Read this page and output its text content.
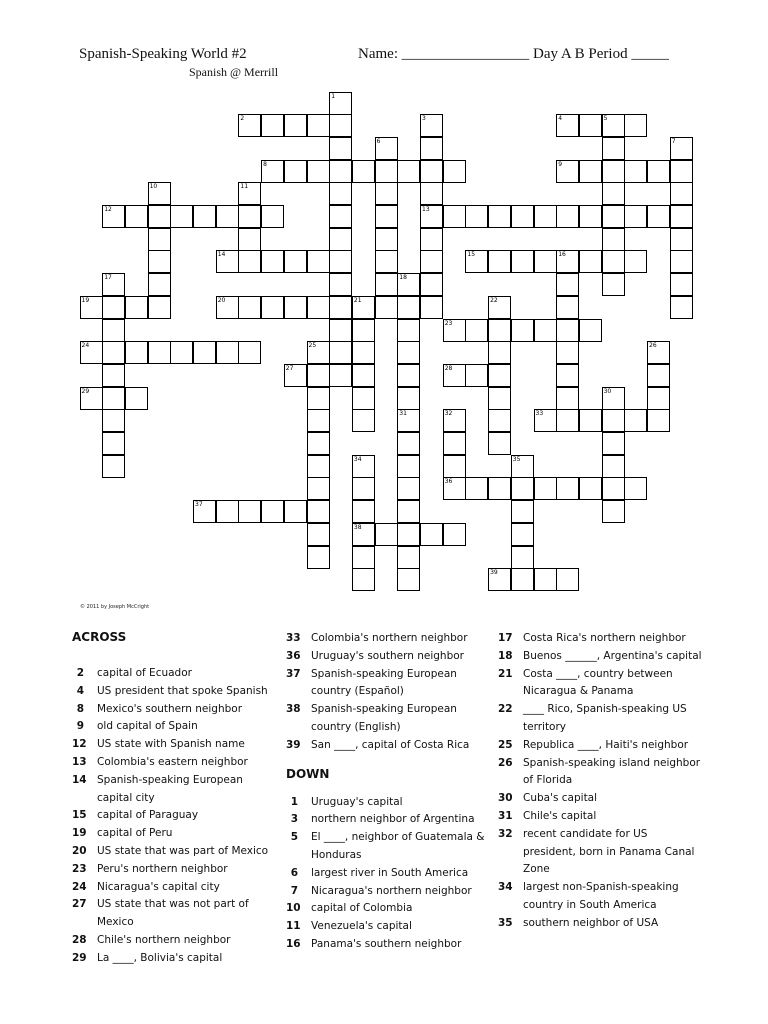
Spanish-Speaking World #2
Spanish @ Merrill
Name: _________________ Day A B Period _____
1
2	3
13
4	5
6	7
8	9
10	11
12
14	15	16
17	18
19	20	21	22
23
24	25	26
27	28
29	30
31	32
36
33
34
38
35
37
39
© 2011 by Joseph McCright
ACROSS
2 capital of Ecuador
4 US president that spoke Spanish
8 Mexico's southern neighbor
9 old capital of Spain
12 US state with Spanish name
13 Colombia's eastern neighbor
14 Spanish-speaking European capital city
15 capital of Paraguay
19 capital of Peru
20 US state that was part of Mexico
23 Peru's northern neighbor
24 Nicaragua's capital city
27 US state that was not part of Mexico
28 Chile's northern neighbor
29 La ____, Bolivia's capital
33 Colombia's northern neighbor
36 Uruguay's southern neighbor
37 Spanish-speaking European country (Español)
38 Spanish-speaking European country (English)
39 San ____, capital of Costa Rica
DOWN
1 Uruguay's capital
3 northern neighbor of Argentina
5 El ____, neighbor of Guatemala & Honduras
6 largest river in South America
7 Nicaragua's northern neighbor
10 capital of Colombia
11 Venezuela's capital
16 Panama's southern neighbor
17 Costa Rica's northern neighbor
18 Buenos ______, Argentina's capital
21 Costa ____, country between Nicaragua & Panama
22 ____ Rico, Spanish-speaking US territory
25 Republica ____, Haiti's neighbor
26 Spanish-speaking island neighbor of Florida
30 Cuba's capital
31 Chile's capital
32 recent candidate for US president, born in Panama Canal Zone
34 largest non-Spanish-speaking country in South America
35 southern neighbor of USA
